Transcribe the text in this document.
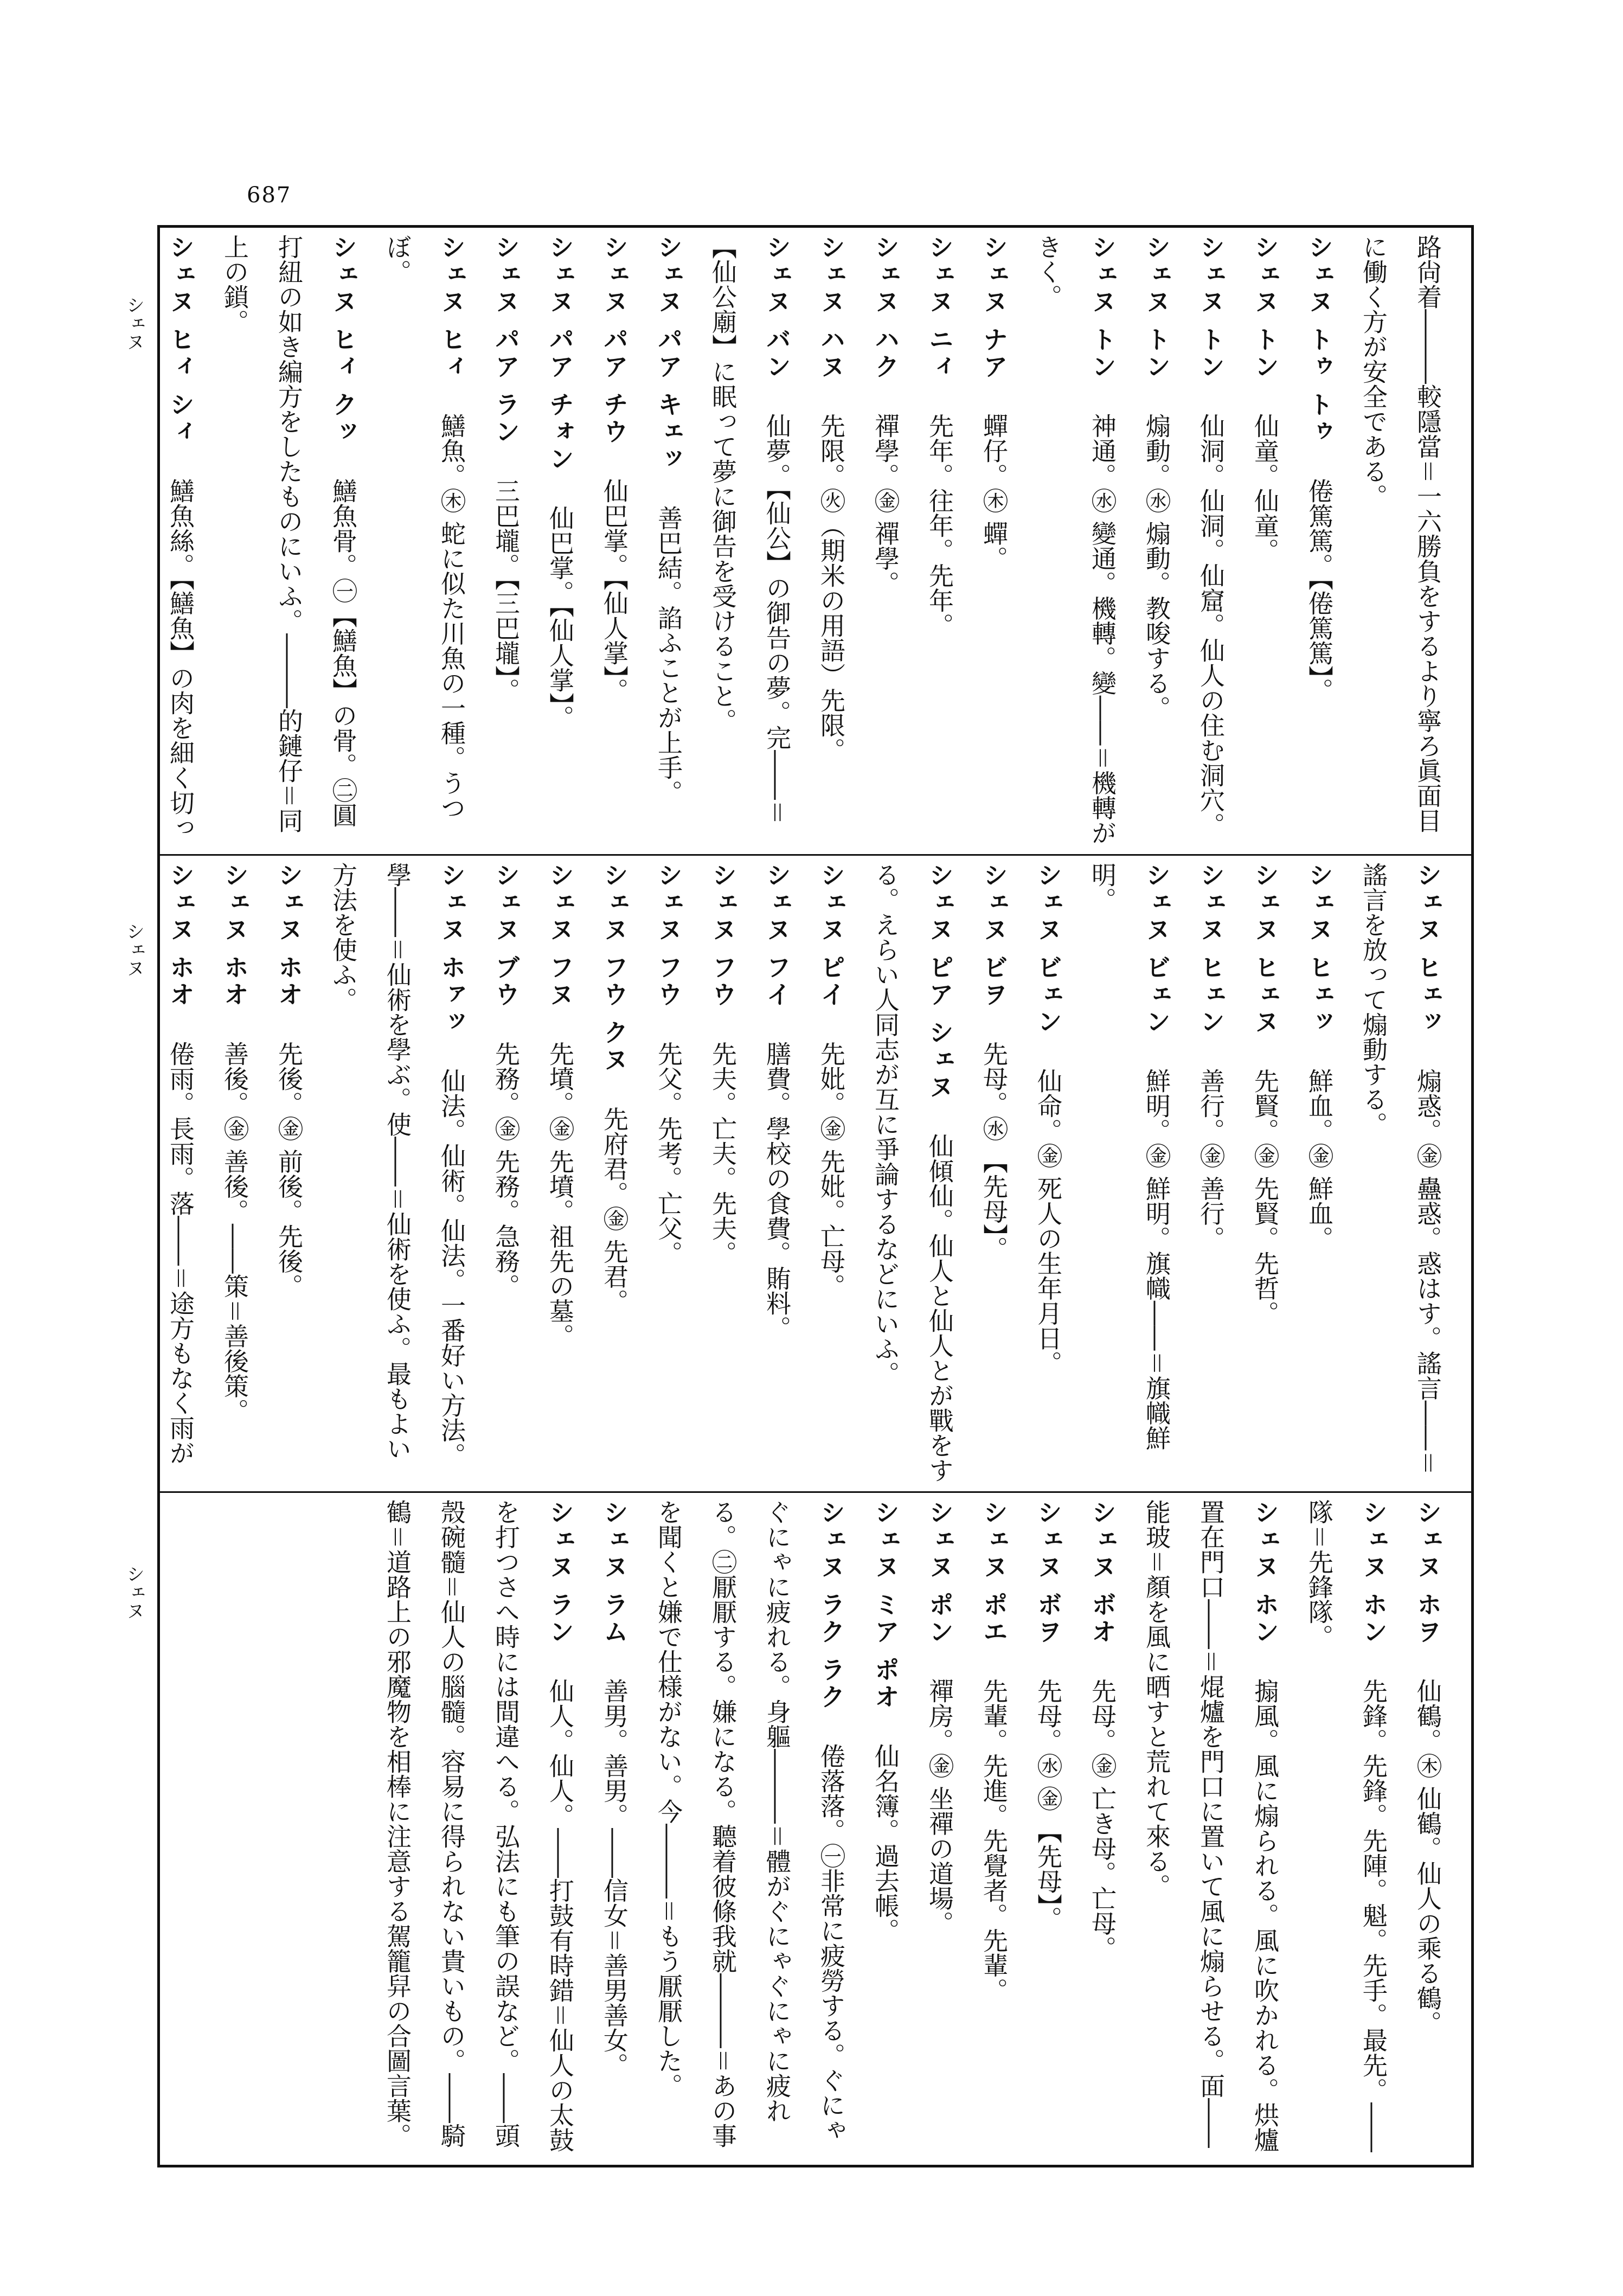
687
シェヌ
シェヌ
シェヌ

路尙着―――較隱當＝一六勝負をするより寧ろ眞面目に働く方が安全である。

シェヌ トゥ トゥ　倦篤篤。【倦篤篤】。

シェヌ トン　仙童。仙童。

シェヌ トン　仙洞。仙洞。仙窟。仙人の住む洞穴。

シェヌ トン　煽動。㊌ 煽動。教唆する。

シェヌ トン　神通。㊌ 變通。機轉。變――＝機轉がきく。

シェヌ ナア　蟬仔。㊍ 蟬。

シェヌ ニィ　先年。往年。先年。

シェヌ ハク　禪學。㊎ 禪學。

シェヌ ハヌ　先限。㊋（期米の用語）先限。

シェヌ バン　仙夢。【仙公】の御告の夢。完――＝【仙公廟】に眠って夢に御告を受けること。

シェヌ パア キェッ　善巴結。諂ふことが上手。

シェヌ パア チウ　仙巴掌。【仙人掌】。

シェヌ パア チォン　仙巴掌。【仙人掌】。

シェヌ パア ラン　三巴壠。【三巴壠】。

シェヌ ヒィ　鱔魚。㊍ 蛇に似た川魚の一種。うつぼ。

シェヌ ヒィ クッ　鱔魚骨。㊀【鱔魚】の骨。㊁圓打紐の如き編方をしたものにいふ。―――的鏈仔＝同上の鎖。

シェヌ ヒィ シィ　鱔魚絲。【鱔魚】の肉を細く切っ

シェヌ ヒェッ　煽惑。㊎ 蠱惑。惑はす。謠言――＝謠言を放って煽動する。

シェヌ ヒェッ　鮮血。㊎ 鮮血。

シェヌ ヒェヌ　先賢。㊎ 先賢。先哲。

シェヌ ヒェン　善行。㊎ 善行。

シェヌ ビェン　鮮明。㊎ 鮮明。旗幟――＝旗幟鮮明。

シェヌ ビェン　仙命。㊎ 死人の生年月日。

シェヌ ビヲ　先母。㊌ 【先母】。

シェヌ ピア シェヌ　仙傾仙。仙人と仙人とが戰をする。えらい人同志が互に爭論するなどにいふ。

シェヌ ピイ　先妣。㊎ 先妣。亡母。

シェヌ フイ　膳費。學校の食費。賄料。

シェヌ フウ　先夫。亡夫。先夫。

シェヌ フウ　先父。先考。亡父。

シェヌ フウ クヌ　先府君。㊎ 先君。

シェヌ フヌ　先墳。㊎ 先墳。祖先の墓。

シェヌ ブウ　先務。㊎ 先務。急務。

シェヌ ホァッ　仙法。仙術。仙法。一番好い方法。學――＝仙術を學ぶ。使――＝仙術を使ふ。最もよい方法を使ふ。

シェヌ ホオ　先後。㊎ 前後。先後。

シェヌ ホオ　善後。㊎ 善後。――策＝善後策。

シェヌ ホオ　倦雨。長雨。落――＝途方もなく雨が

シェヌ ホヲ　仙鶴。㊍ 仙鶴。仙人の乘る鶴。

シェヌ ホン　先鋒。先鋒。先陣。魁。先手。最先。――隊＝先鋒隊。

シェヌ ホン　搧風。風に煽られる。風に吹かれる。烘爐置在門口――＝焜爐を門口に置いて風に煽らせる。面――能玻＝顏を風に晒すと荒れて來る。

シェヌ ボオ　先母。㊎ 亡き母。亡母。

シェヌ ボヲ　先母。㊌ ㊎ 【先母】。

シェヌ ポエ　先輩。先進。先覺者。先輩。

シェヌ ポン　禪房。㊎ 坐禪の道場。

シェヌ ミア ポオ　仙名簿。過去帳。

シェヌ ラク ラク　倦落落。㊀非常に疲勞する。ぐにゃぐにゃに疲れる。身軀―――＝體がぐにゃぐにゃに疲れる。㊁厭厭する。嫌になる。聽着彼條我就―――＝あの事を聞くと嫌で仕様がない。今―――＝もう厭厭した。

シェヌ ラム　善男。善男。――信女＝善男善女。

シェヌ ラン　仙人。仙人。――打鼓有時錯＝仙人の太鼓を打つさへ時には間違へる。弘法にも筆の誤など。――頭殼碗髓＝仙人の腦髓。容易に得られない貴いもの。――騎鶴＝道路上の邪魔物を相棒に注意する駕籠舁の合圖言葉。
